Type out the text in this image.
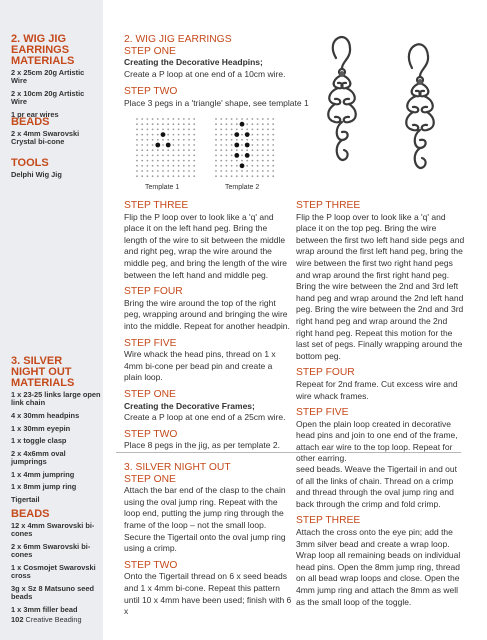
2. WIG JIG EARRINGS MATERIALS
2 x 25cm 20g Artistic Wire
2 x 10cm 20g Artistic Wire
1 pr ear wires
BEADS
2 x 4mm Swarovski Crystal bi-cone
TOOLS
Delphi Wig Jig
3. SILVER NIGHT OUT MATERIALS
1 x 23-25 links large open link chain
4 x 30mm headpins
1 x 30mm eyepin
1 x toggle clasp
2 x 4x6mm oval jumprings
1 x 4mm jumpring
1 x 8mm jump ring
Tigertail
BEADS
12 x 4mm Swarovski bi-cones
2 x 6mm Swarovski bi-cones
1 x Cosmojet Swarovski cross
3g x Sz 8 Matsuno seed beads
1 x 3mm filler bead
2. WIG JIG EARRINGS
STEP ONE

Creating the Decorative Headpins;
Create a P loop at one end of a 10cm wire.

STEP TWO

Place 3 pegs in a 'triangle' shape, see template 1

Template 1	Template 2
STEP THREE

Flip the P loop over to look like a 'q' and place it on the left hand peg. Bring the length of the wire to sit between the middle and right peg, wrap the wire around the middle peg, and bring the length of the wire between the left hand and middle peg.

STEP FOUR

Bring the wire around the top of the right peg, wrapping around and bringing the wire into the middle. Repeat for another headpin.

STEP FIVE

Wire whack the head pins, thread on 1 x 4mm bi-cone per bead pin and create a plain loop.

STEP ONE

Creating the Decorative Frames;
Create a P loop at one end of a 25cm wire.

STEP TWO

Place 8 pegs in the jig, as per template 2.

STEP THREE

Flip the P loop over to look like a 'q' and place it on the top peg. Bring the wire between the first two left hand side pegs and wrap around the first left hand peg, bring the wire between the first two right hand pegs and wrap around the first right hand peg. Bring the wire between the 2nd and 3rd left hand peg and wrap around the 2nd left hand peg. Bring the wire between the 2nd and 3rd right hand peg and wrap around the 2nd right hand peg. Repeat this motion for the last set of pegs. Finally wrapping around the bottom peg.

STEP FOUR

Repeat for 2nd frame. Cut excess wire and wire whack frames.

STEP FIVE

Open the plain loop created in decorative head pins and join to one end of the frame, attach ear wire to the top loop. Repeat for other earring.

3. SILVER NIGHT OUT
STEP ONE

Attach the bar end of the clasp to the chain using the oval jump ring. Repeat with the loop end, putting the jump ring through the frame of the loop – not the small loop. Secure the Tigertail onto the oval jump ring using a crimp.

STEP TWO

Onto the Tigertail thread on 6 x seed beads and 1 x 4mm bi-cone. Repeat this pattern until 10 x 4mm have been used; finish with 6 x

seed beads. Weave the Tigertail in and out of all the links of chain. Thread on a crimp and thread through the oval jump ring and back through the crimp and fold crimp.

STEP THREE

Attach the cross onto the eye pin; add the 3mm silver bead and create a wrap loop. Wrap loop all remaining beads on individual head pins. Open the 8mm jump ring, thread on all bead wrap loops and close. Open the 4mm jump ring and attach the 8mm as well as the small loop of the toggle.

102 Creative Beading
